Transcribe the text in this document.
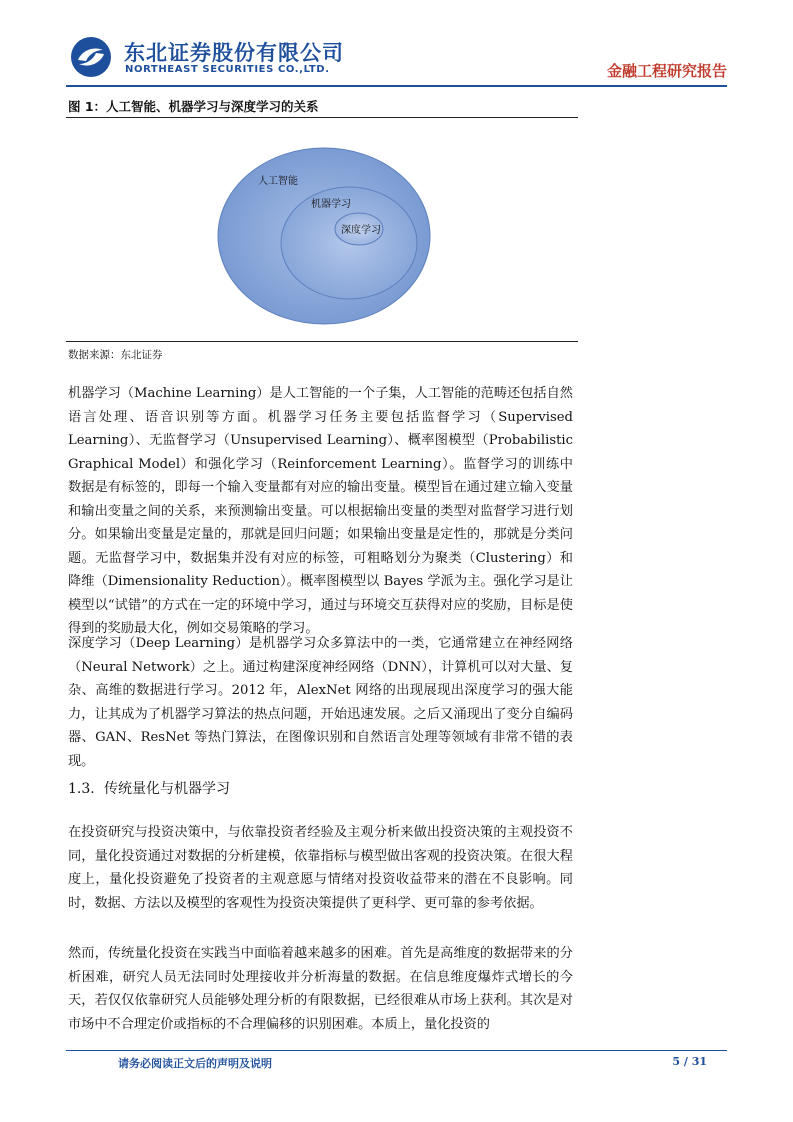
东北证券股份有限公司
NORTHEAST SECURITIES CO.,LTD.	金融工程研究报告
图 1：人工智能、机器学习与深度学习的关系
人工智能
机器学习
深度学习
数据来源：东北证券
机器学习（Machine Learning）是人工智能的一个子集，人工智能的范畴还包括自然语言处理、语音识别等方面。机器学习任务主要包括监督学习（Supervised Learning）、无监督学习（Unsupervised Learning）、概率图模型（Probabilistic Graphical Model）和强化学习（Reinforcement Learning）。监督学习的训练中数据是有标签的，即每一个输入变量都有对应的输出变量。模型旨在通过建立输入变量和输出变量之间的关系，来预测输出变量。可以根据输出变量的类型对监督学习进行划分。如果输出变量是定量的，那就是回归问题；如果输出变量是定性的，那就是分类问题。无监督学习中，数据集并没有对应的标签，可粗略划分为聚类（Clustering）和降维（Dimensionality Reduction）。概率图模型以 Bayes 学派为主。强化学习是让模型以“试错”的方式在一定的环境中学习，通过与环境交互获得对应的奖励，目标是使得到的奖励最大化，例如交易策略的学习。
深度学习（Deep Learning）是机器学习众多算法中的一类，它通常建立在神经网络（Neural Network）之上。通过构建深度神经网络（DNN），计算机可以对大量、复杂、高维的数据进行学习。2012 年，AlexNet 网络的出现展现出深度学习的强大能力，让其成为了机器学习算法的热点问题，开始迅速发展。之后又涌现出了变分自编码器、GAN、ResNet 等热门算法，在图像识别和自然语言处理等领域有非常不错的表现。
1.3. 传统量化与机器学习
在投资研究与投资决策中，与依靠投资者经验及主观分析来做出投资决策的主观投资不同，量化投资通过对数据的分析建模，依靠指标与模型做出客观的投资决策。在很大程度上，量化投资避免了投资者的主观意愿与情绪对投资收益带来的潜在不良影响。同时，数据、方法以及模型的客观性为投资决策提供了更科学、更可靠的参考依据。
然而，传统量化投资在实践当中面临着越来越多的困难。首先是高维度的数据带来的分析困难，研究人员无法同时处理接收并分析海量的数据。在信息维度爆炸式增长的今天，若仅仅依靠研究人员能够处理分析的有限数据，已经很难从市场上获利。其次是对市场中不合理定价或指标的不合理偏移的识别困难。本质上，量化投资的
请务必阅读正文后的声明及说明	5 / 31
